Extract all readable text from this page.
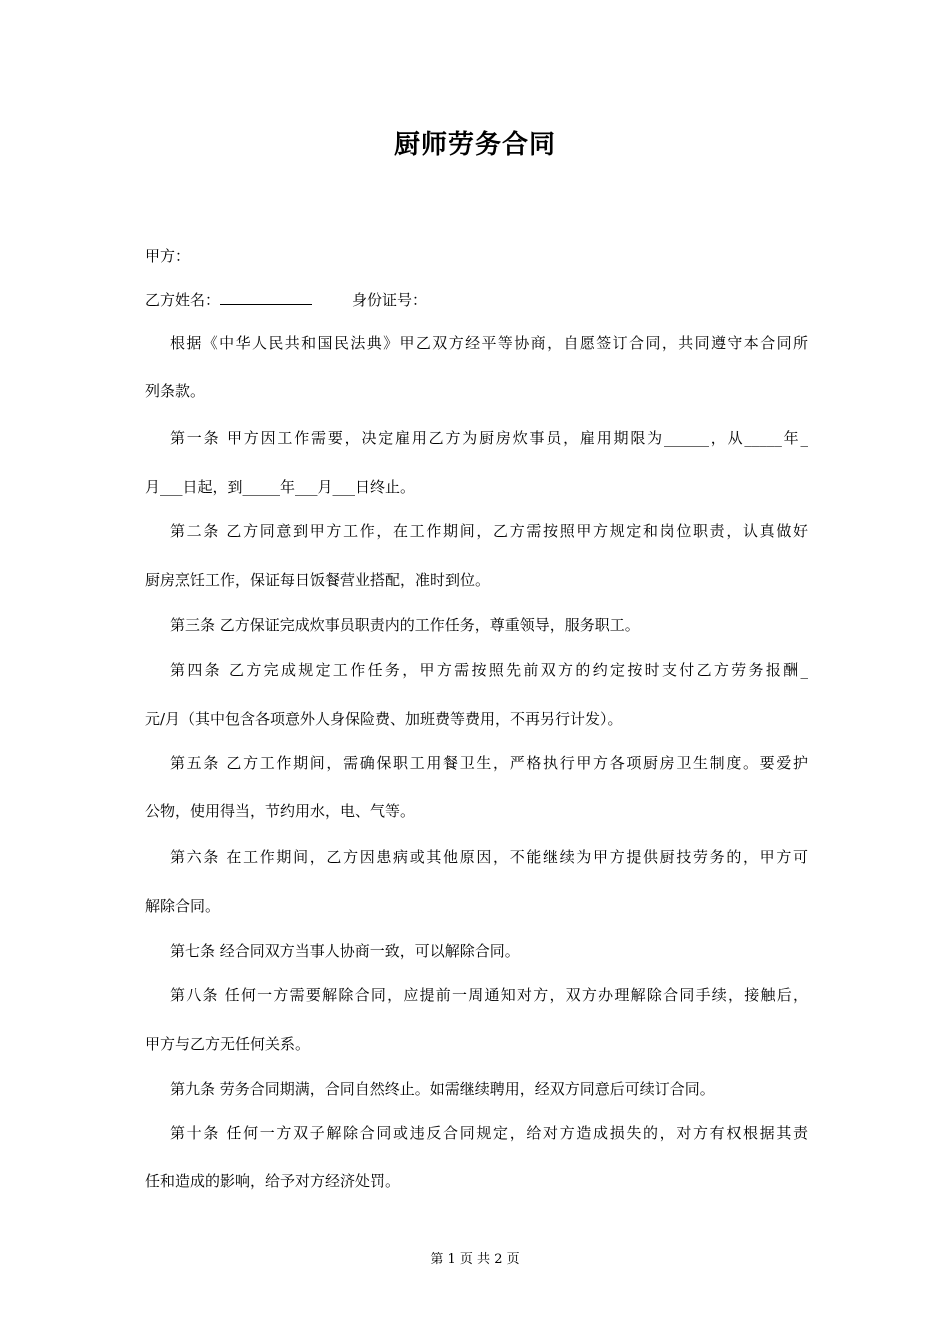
厨师劳务合同
甲方：
乙方姓名：	身份证号：
根据《中华人民共和国民法典》甲乙双方经平等协商，自愿签订合同，共同遵守本合同所
列条款。
第一条 甲方因工作需要，决定雇用乙方为厨房炊事员，雇用期限为______，从_____年_
月___日起，到_____年___月___日终止。
第二条 乙方同意到甲方工作，在工作期间，乙方需按照甲方规定和岗位职责，认真做好
厨房烹饪工作，保证每日饭餐营业搭配，准时到位。
第三条 乙方保证完成炊事员职责内的工作任务，尊重领导，服务职工。
第四条 乙方完成规定工作任务，甲方需按照先前双方的约定按时支付乙方劳务报酬_
元/月（其中包含各项意外人身保险费、加班费等费用，不再另行计发）。
第五条 乙方工作期间，需确保职工用餐卫生，严格执行甲方各项厨房卫生制度。要爱护
公物，使用得当，节约用水，电、气等。
第六条 在工作期间，乙方因患病或其他原因，不能继续为甲方提供厨技劳务的，甲方可
解除合同。
第七条 经合同双方当事人协商一致，可以解除合同。
第八条 任何一方需要解除合同，应提前一周通知对方，双方办理解除合同手续，接触后，
甲方与乙方无任何关系。
第九条 劳务合同期满，合同自然终止。如需继续聘用，经双方同意后可续订合同。
第十条 任何一方双子解除合同或违反合同规定，给对方造成损失的，对方有权根据其责
任和造成的影响，给予对方经济处罚。
第 1 页 共 2 页
